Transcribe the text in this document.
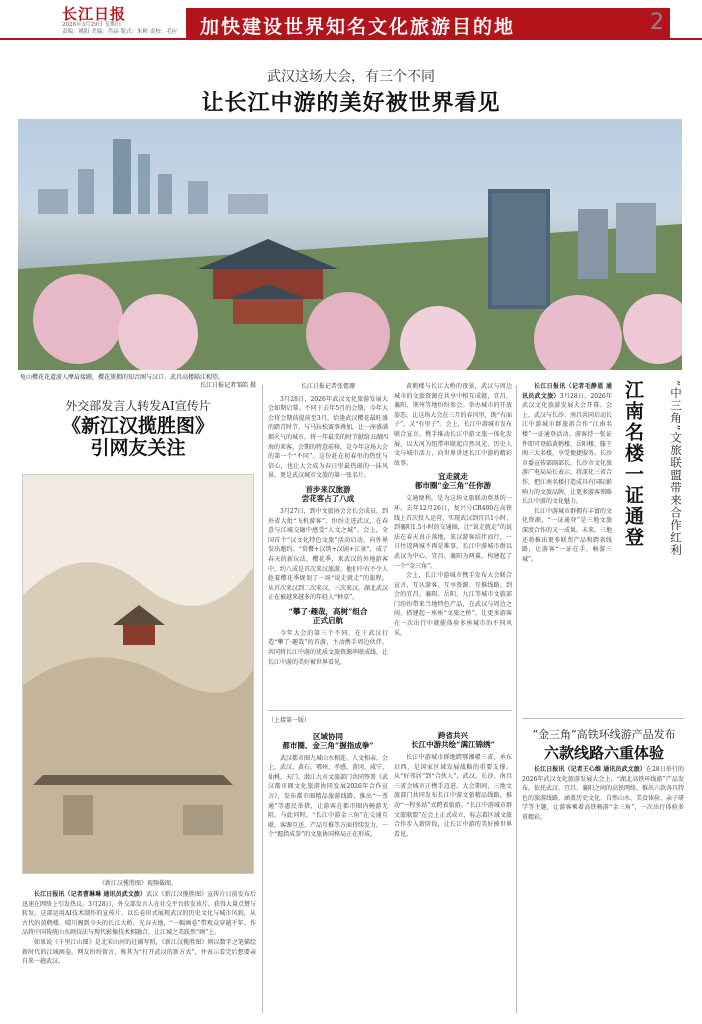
长江日报
2026年3月29日 星期日
责编：姚阳 美编：肖晶 版式：朱彬 责校：毛应	加快建设世界知名文化旅游目的地	2
武汉这场大会，有三个不同
让长江中游的美好被世界看见
龟山樱花花道游人摩肩接踵，樱花簇拥的知音阁与汉口、武昌高楼隔江相望。
长江日报记者邹皓 摄
外交部发言人转发AI宣传片
《新江汉揽胜图》
引网友关注
《新江汉揽胜图》视频截图。

长江日报讯（记者曹琳琳 通讯员武文旅）武汉《新江汉揽胜图》宣传片日前发布后迅速在网络上引发热议。3月28日，外交部发言人在社交平台转发该片，获得大量点赞与转发。这部运用AI技术制作的宣传片，以长卷形式展现武汉的历史文化与城市风貌，从古代的黄鹤楼、晴川阁到今天的长江大桥、光谷天地，“一幅画卷”带观众穿越千年。作品将中国传统山水画技法与现代影像技术相融合，让江城之美跃然“画”上。

如果说《千里江山图》是北宋山河的壮阔写照，《新江汉揽胜图》则以数字之笔描绘新时代的江城画卷。网友纷纷留言，称其为“打开武汉的新方式”，并表示看完后想要亲自来一趟武汉。

长江日报记者张偲珊

3月28日，2026年武汉文化旅游发展大会如期启幕。不同于去年5月的会期，今年大会将会期前提前至3月，恰逢武汉樱花最旺盛的踏青时节，与马拉松赛事叠加，让一座盛满烟火气的城市，将一年最美的时节献给五湖四海的来客。会期的特意前移，是今年这场大会的第一个“不同”。这份赶在初春里的热忱与信心，也让大会成为春日里最热闹的一抹风景，更是武汉城市文旅的第一张名片。

首步来汉旅游
尝花客占了八成

3月27日，到中文旅协会会长会成员，到外省大批“飞机游客”，纷纷走进武汉，在春意与江城交融中感受“人文之城”。会上，全国首个“汉文化特色文旅”活动启动，向外界发出邀约。“赏樱+汉绣+汉剧+江景”，成了春天的新玩法。樱花季，来武汉的外地游客中，约八成是首次来汉旅游，他们中有不少人趁着樱花季规划了一场“说走就走”的旅程。从首次来汉到二次来汉，三次来汉，湖北武汉正在被越来越多的年轻人“种草”。

“攀了·趣哉，高树”组合
正式启航

今年大会的第三个不同，在于武汉打造“攀了·趣哉”的首游，主动携手周边伙伴，共同将长江中游的优质文旅资源串联成线，让长江中游的美好被世界看见。

黄鹤楼与长江大桥的夜景，武汉与周边城市的文旅资源在共享中相互成就，宜昌、襄阳、荆州等地纷纷参会。举办城市的开放姿态，让这场大会在三月的春风里，既“有面子”，又“有里子”。会上，长江中游城市发布联合宣言，携手推动长江中游文旅一体化发展，以大河为纽带串联起自然风光、历史人文与城市活力，向世界讲述长江中游的精彩故事。

宜走就走
都市圈“金三角”任你游

交通便利，是为这场文旅联动奠基的一环。去年12月26日，复兴号CR400在高铁线上首次投入运营，实现武汉到宜昌1小时、到襄阳1.5小时的交通圈，让“说走就走”的说法在春天真正落地，来汉游客结伴而行，一日往返两城不再是难事。长江中游城市群以武汉为中心，宜昌、襄阳为两翼，构建起了一个“金三角”。

会上，长江中游城市携手发布大会联合宣言，互认游客、互享资源、互推线路。到会的宜昌、襄阳、岳阳、九江等城市文旅部门纷纷带来当地特色产品，在武汉与周边之间，搭建起一座座“文旅之桥”，让更多游客在一次出行中就能体验多座城市的不同风采。

（上接第一版）
区域协同
都市圈、金三角“握指成拳”

武汉都市圈九城山水相连、人文相亲。会上，武汉、黄石、鄂州、孝感、黄冈、咸宁、仙桃、天门、潜江九市文旅部门共同签署《武汉都市圈文化旅游协同发展2026年合作宣言》，发布都市圈精品旅游线路，推出“一票通”等惠民举措，让游客在都市圈内畅游无阻。与此同时，“长江中游金三角”在交通互联、客源互送、产品互推等方面持续发力，一个“握指成拳”的文旅协同格局正在形成。

跨省共兴
长江中游共绘“满江锦绣”

长江中游城市群地跨鄂湘赣三省，承东启西，是国家区域发展战略的重要支撑。从“好邻居”到“合伙人”，武汉、长沙、南昌三省会城市正携手迈进。大会期间，三地文旅部门共同发布长江中游文旅精品线路，推动“一程多站”式跨省旅游。“长江中游城市群文旅联盟”在会上正式成立，标志着区域文旅合作步入新阶段，让长江中游的美好被世界看见。

“中三角”文旅联盟带来合作红利
江南名楼一证通登

长江日报讯（记者毛静恩 通讯员武文旅）3月28日，2026年武汉文化旅游发展大会开幕。会上，武汉与长沙、南昌共同启动长江中游城市群旅游合作“江南名楼”一证通登活动。游客持一张证件即可登临黄鹤楼、岳阳楼、滕王阁三大名楼，享受便捷服务。长沙市委宣传部副部长、长沙市文化旅游广电局局长表示，将深化三省合作，把江南名楼打造成具有国际影响力的文旅品牌，让更多游客领略长江中游的文化魅力。

长江中游城市群拥有丰富的文化资源，“一证通登”是三地文旅深度合作的又一成果。未来，三地还将推出更多联票产品和跨省线路，让游客“一证在手，畅游三城”。

“金三角”高铁环线游产品发布
六款线路六重体验

长江日报讯（记者王心维 通讯员武文旅）在28日举行的2026年武汉文化旅游发展大会上，“湖北高铁环线游”产品发布。依托武汉、宜昌、襄阳之间的高铁网络，推出六款各具特色的旅游线路，涵盖历史文化、自然山水、美食体验、亲子研学等主题，让游客乘着高铁畅游“金三角”，一次出行体验多重精彩。
